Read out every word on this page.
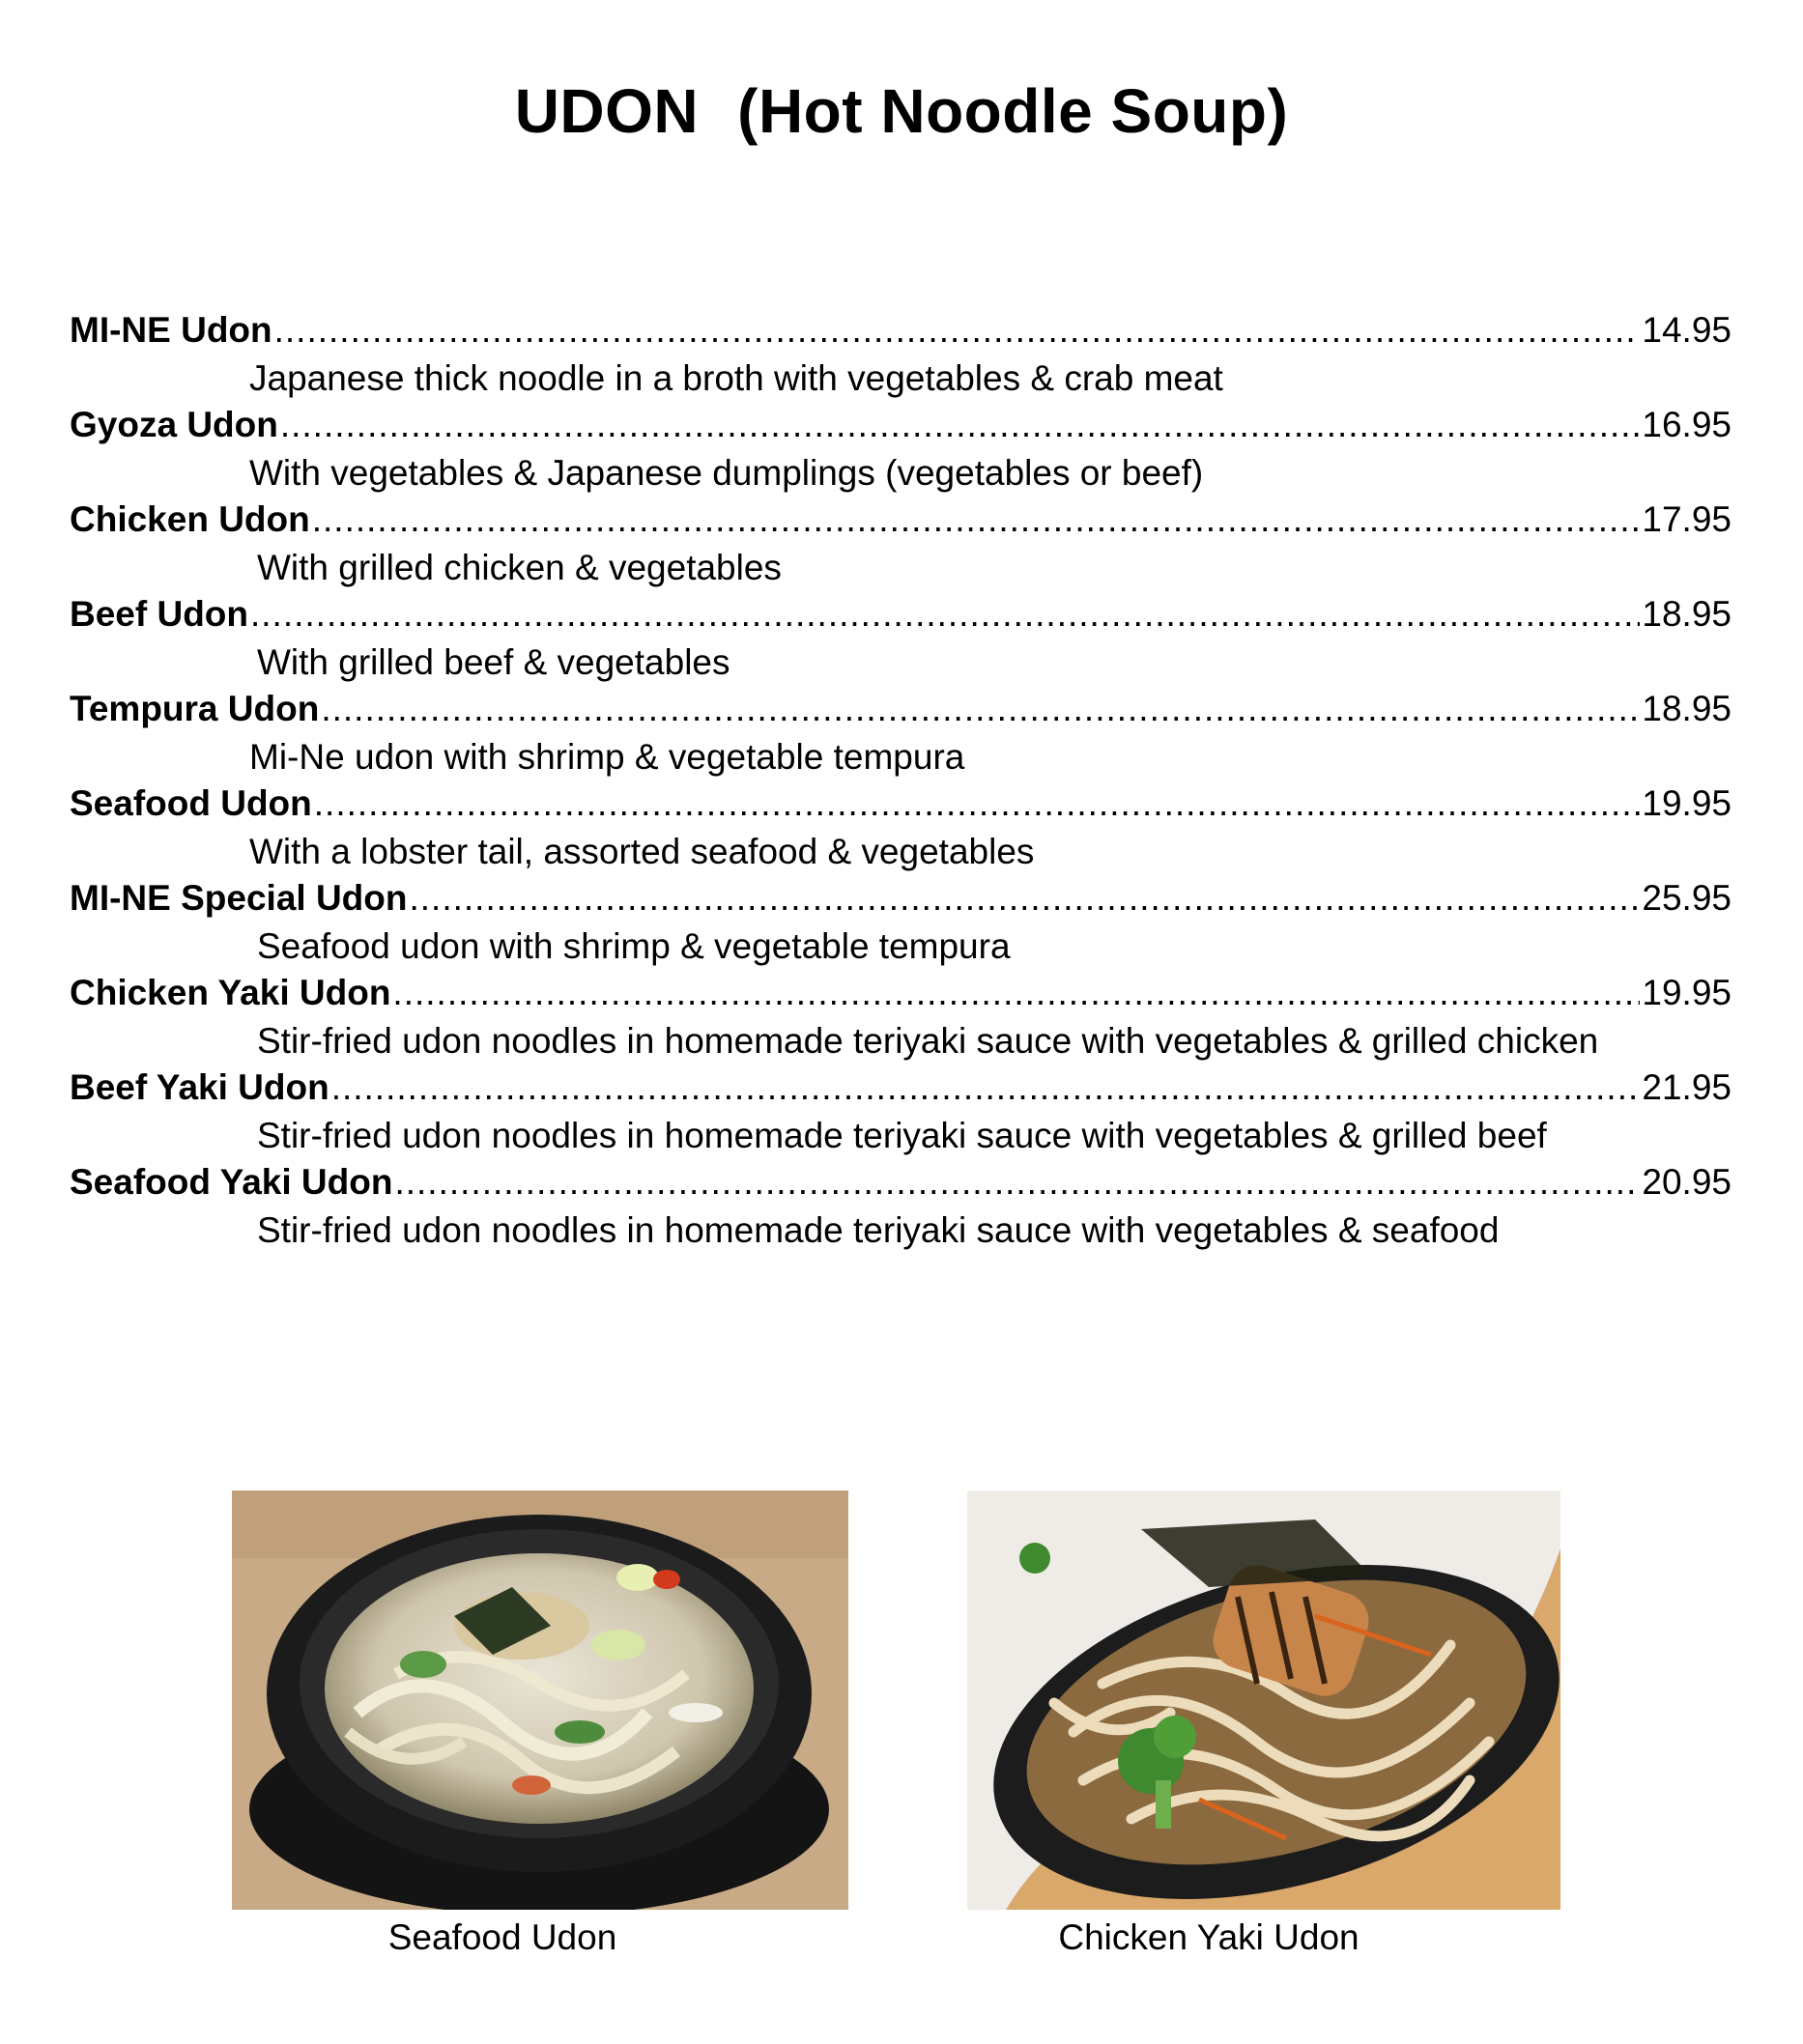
UDON (Hot Noodle Soup)
MI-NE Udon .....	14.95
Japanese thick noodle in a broth with vegetables & crab meat
Gyoza Udon .....	16.95
With vegetables & Japanese dumplings (vegetables or beef)
Chicken Udon .....	17.95
With grilled chicken & vegetables
Beef Udon .....	18.95
With grilled beef & vegetables
Tempura Udon .....	18.95
Mi-Ne udon with shrimp & vegetable tempura
Seafood Udon .....	19.95
With a lobster tail, assorted seafood & vegetables
MI-NE Special Udon .....	25.95
Seafood udon with shrimp & vegetable tempura
Chicken Yaki Udon .....	19.95
Stir-fried udon noodles in homemade teriyaki sauce with vegetables & grilled chicken
Beef Yaki Udon .....	21.95
Stir-fried udon noodles in homemade teriyaki sauce with vegetables & grilled beef
Seafood Yaki Udon .....	20.95
Stir-fried udon noodles in homemade teriyaki sauce with vegetables & seafood
Seafood Udon	Chicken Yaki Udon
